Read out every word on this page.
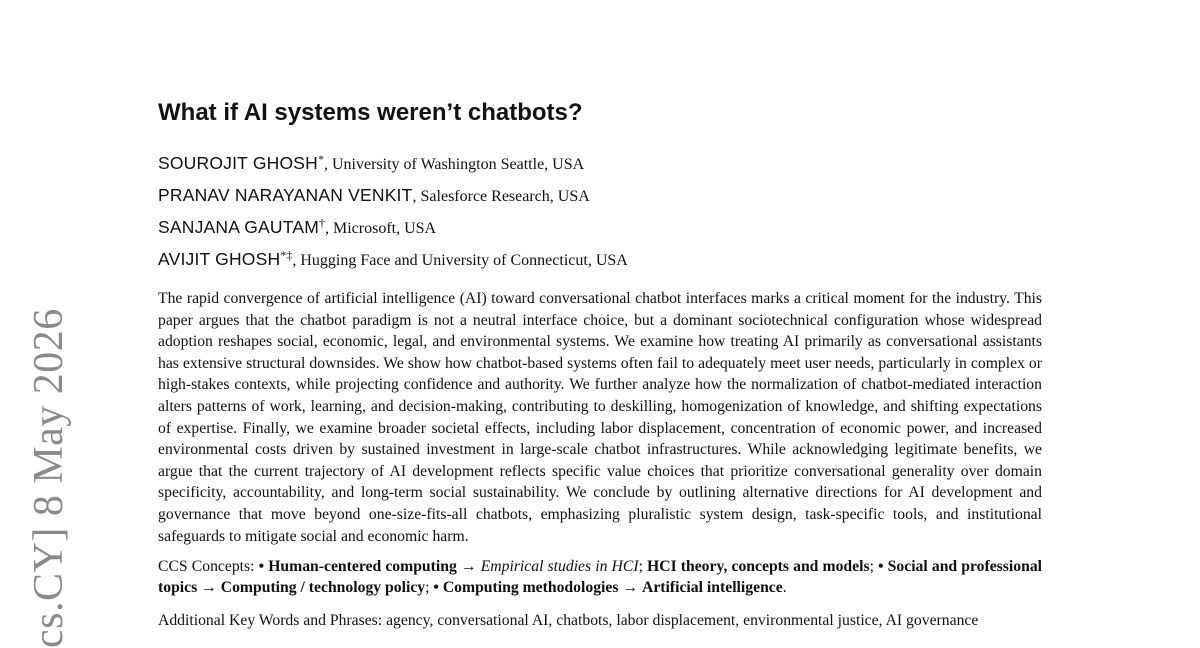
cs.CY] 8 May 2026
What if AI systems weren’t chatbots?
SOUROJIT GHOSH*, University of Washington Seattle, USA
PRANAV NARAYANAN VENKIT, Salesforce Research, USA
SANJANA GAUTAM†, Microsoft, USA
AVIJIT GHOSH*‡, Hugging Face and University of Connecticut, USA

The rapid convergence of artificial intelligence (AI) toward conversational chatbot interfaces marks a critical moment for the industry. This paper argues that the chatbot paradigm is not a neutral interface choice, but a dominant sociotechnical configuration whose widespread adoption reshapes social, economic, legal, and environmental systems. We examine how treating AI primarily as conversational assistants has extensive structural downsides. We show how chatbot-based systems often fail to adequately meet user needs, particularly in complex or high-stakes contexts, while projecting confidence and authority. We further analyze how the normalization of chatbot-mediated interaction alters patterns of work, learning, and decision-making, contributing to deskilling, homogenization of knowledge, and shifting expectations of expertise. Finally, we examine broader societal effects, including labor displacement, concentration of economic power, and increased environmental costs driven by sustained investment in large-scale chatbot infrastructures. While acknowledging legitimate benefits, we argue that the current trajectory of AI development reflects specific value choices that prioritize conversational generality over domain specificity, accountability, and long-term social sustainability. We conclude by outlining alternative directions for AI development and governance that move beyond one-size-fits-all chatbots, emphasizing pluralistic system design, task-specific tools, and institutional safeguards to mitigate social and economic harm.

CCS Concepts: • Human-centered computing → Empirical studies in HCI; HCI theory, concepts and models; • Social and professional topics → Computing / technology policy; • Computing methodologies → Artificial intelligence.

Additional Key Words and Phrases: agency, conversational AI, chatbots, labor displacement, environmental justice, AI governance
